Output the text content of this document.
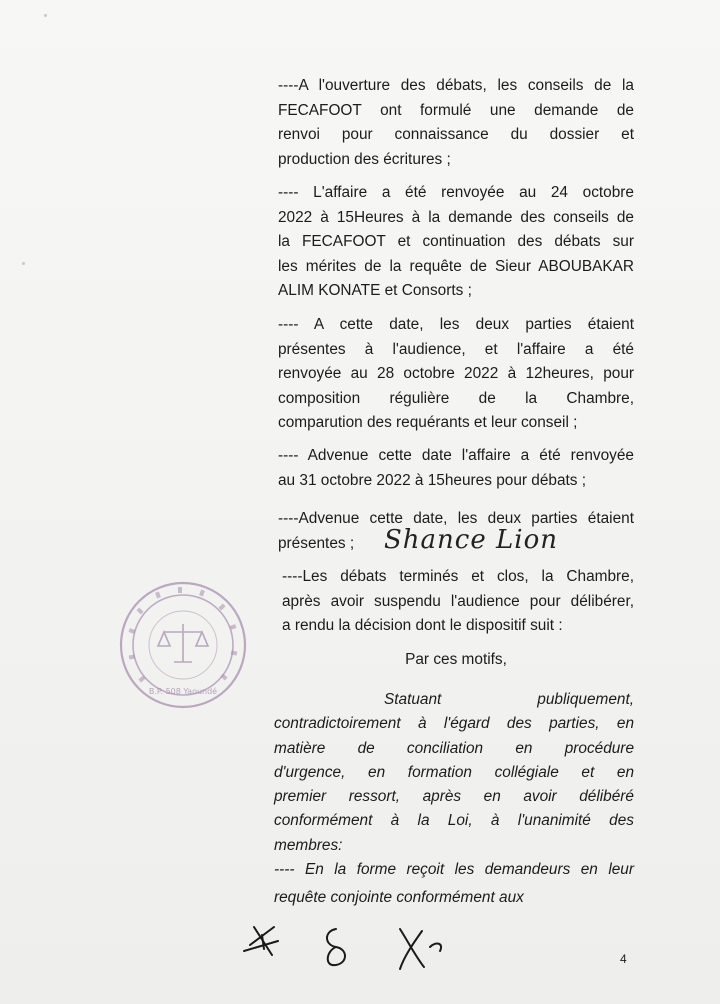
----A l'ouverture des débats, les conseils de la
FECAFOOT ont formulé une demande de
renvoi pour connaissance du dossier et
production des écritures ;
---- L'affaire a été renvoyée au 24 octobre
2022 à 15Heures à la demande des conseils de
la FECAFOOT et continuation des débats sur
les mérites de la requête de Sieur ABOUBAKAR
ALIM KONATE et Consorts ;
---- A cette date, les deux parties étaient
présentes à l'audience, et l'affaire a été
renvoyée au 28 octobre 2022 à 12heures, pour
composition régulière de la Chambre,
comparution des requérants et leur conseil ;
---- Advenue cette date l'affaire a été renvoyée
au 31 octobre 2022 à 15heures pour débats ;
----Advenue cette date, les deux parties étaient
présentes ;	Shance Lion
----Les débats terminés et clos, la Chambre,
après avoir suspendu l'audience pour délibérer,
a rendu la décision dont le dispositif suit :
Par ces motifs,
Statuant publiquement,
contradictoirement à l'égard des parties, en
matière de conciliation en procédure
d'urgence, en formation collégiale et en
premier ressort, après en avoir délibéré
conformément à la Loi, à l'unanimité des
membres:
---- En la forme reçoit les demandeurs en leur
requête conjointe conformément aux
B.P. 508 Yaoundé
4
